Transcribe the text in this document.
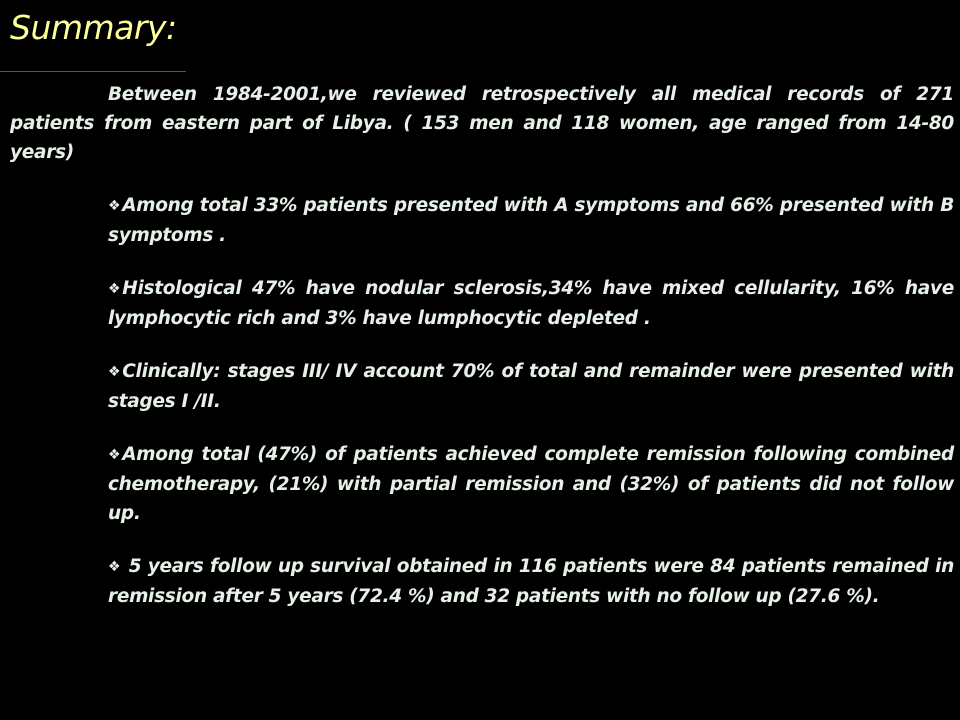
Summary:

Between 1984-2001,we reviewed retrospectively all medical records of 271 patients from eastern part of Libya. ( 153 men and 118 women, age ranged from 14-80 years)

❖ Among total 33% patients presented with A symptoms and 66% presented with B symptoms .
❖ Histological 47% have nodular sclerosis,34% have mixed cellularity, 16% have lymphocytic rich and 3% have lumphocytic depleted .
❖ Clinically: stages III/ IV account 70% of total and remainder were presented with stages I /II.
❖ Among total (47%) of patients achieved complete remission following combined chemotherapy, (21%) with partial remission and (32%) of patients did not follow up.
❖ 5 years follow up survival obtained in 116 patients were 84 patients remained in remission after 5 years (72.4 %) and 32 patients with no follow up (27.6 %).
